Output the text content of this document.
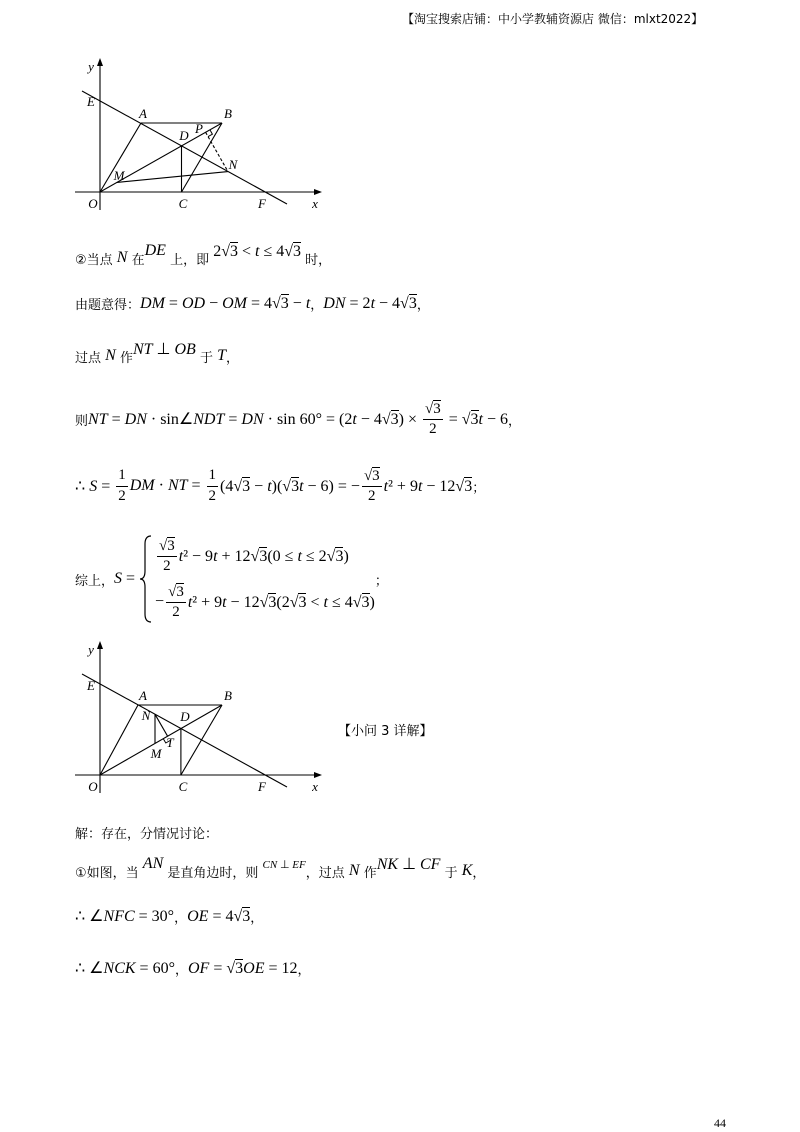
【淘宝搜索店铺：中小学教辅资源店 微信：mlxt2022】
y
E
A	B
D P
N
M
O	C	F	x
②当点 N 在
DE
上，即
2√3 < t ≤ 4√3
时，
由题意得： DM = OD − OM = 4√3 − t ， DN = 2t − 4√3 ，
过点 N 作 NT ⊥ OB 于 T ，
则 NT = DN · sin∠NDT = DN · $\sin 60^\circ = (2t - 4√3) \times \frac{√3}{2} = √3t - 6$ ，
∴ $S = \frac{1}{2}$ DM · NT = $\frac{1}{2} (4√3 - t)(√3t - 6)$ = − $\frac{√3}{2} t^2 + 9t - 12√3$ ；
综上， S =
$\frac{√3}{2} t^2 - 9t + 12√3$ (0 ≤ t ≤ 2√3)
− $\frac{√3}{2} t^2 + 9t - 12√3$ (2√3 < t ≤ 4√3)
；
y
E
A	B
N D
T
M
O	C	F	x
【小问 3 详解】
解：存在，分情况讨论：
①如图，当
AN
是直角边时，则
CN ⊥ EF
，过点 N 作 NK ⊥ CF 于 K ，
∴ ∠NFC = 30° ， OE = 4√3 ，
∴ ∠NCK = 60° ， OF = √3OE = 12 ，
44
